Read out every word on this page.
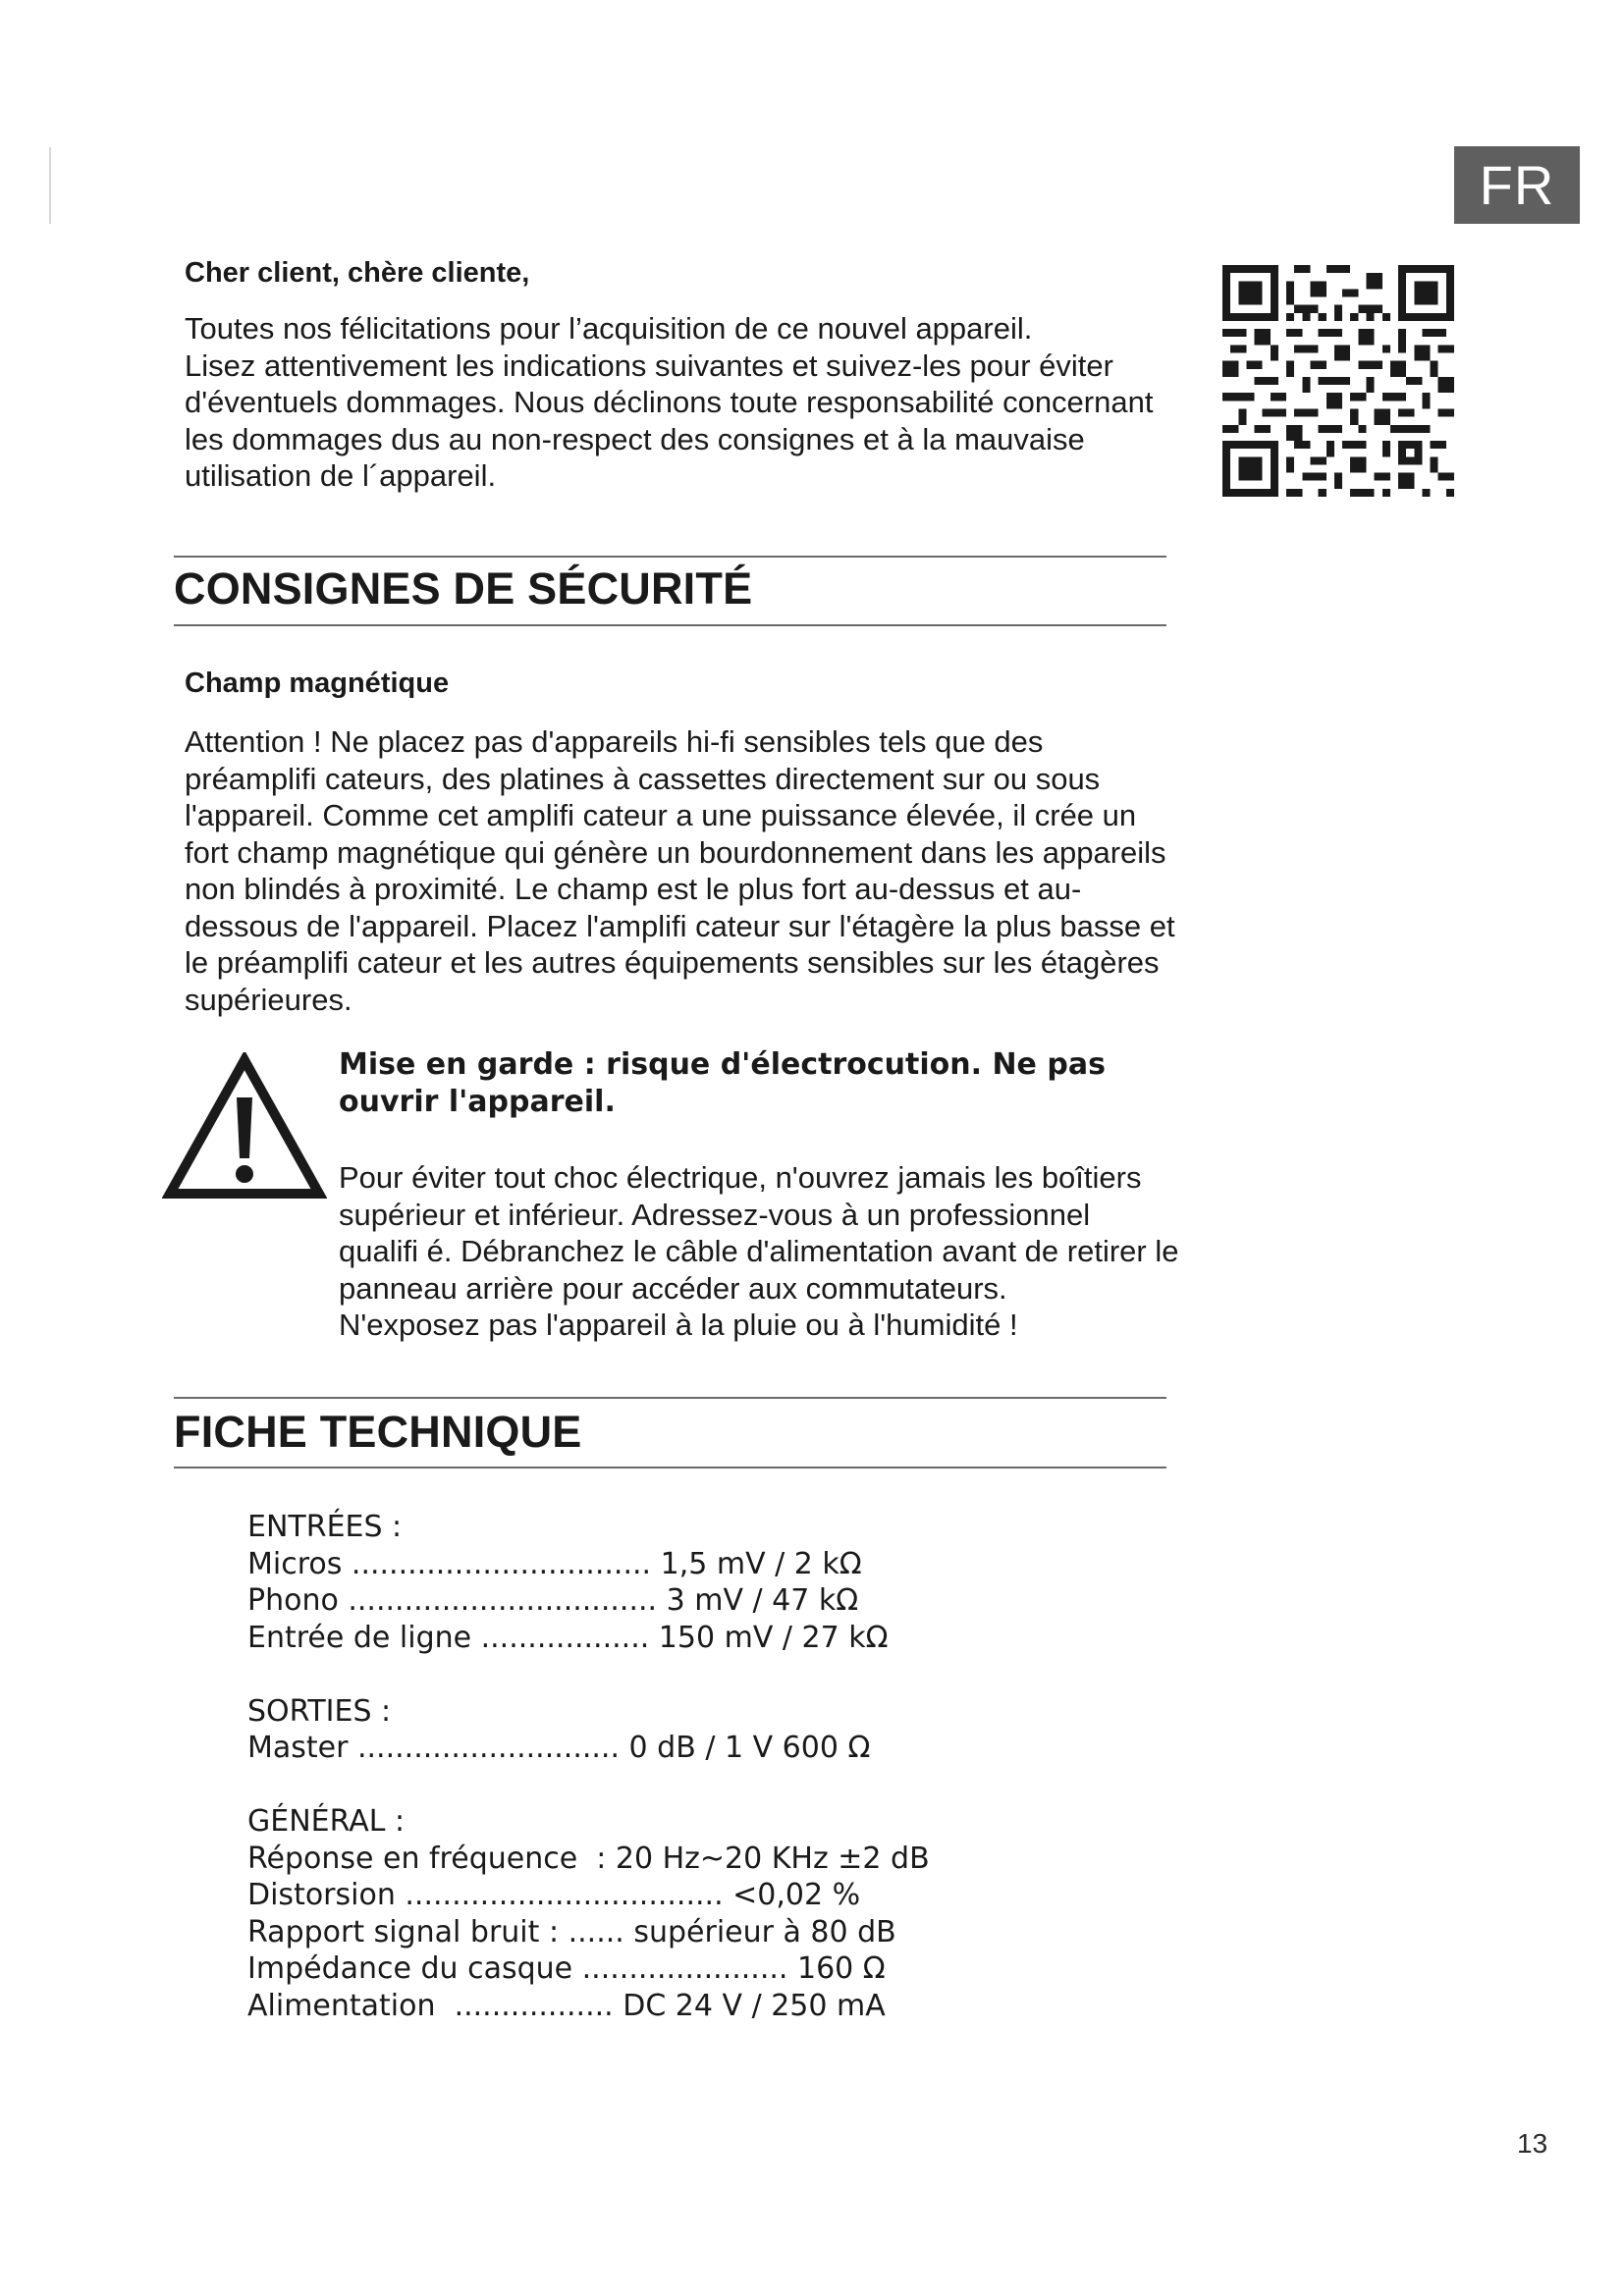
FR
Cher client, chère cliente,
Toutes nos félicitations pour l’acquisition de ce nouvel appareil.
Lisez attentivement les indications suivantes et suivez-les pour éviter
d'éventuels dommages. Nous déclinons toute responsabilité concernant
les dommages dus au non-respect des consignes et à la mauvaise
utilisation de l´appareil.
CONSIGNES DE SÉCURITÉ
Champ magnétique
Attention ! Ne placez pas d'appareils hi-fi sensibles tels que des
préamplifi cateurs, des platines à cassettes directement sur ou sous
l'appareil. Comme cet amplifi cateur a une puissance élevée, il crée un
fort champ magnétique qui génère un bourdonnement dans les appareils
non blindés à proximité. Le champ est le plus fort au-dessus et au-
dessous de l'appareil. Placez l'amplifi cateur sur l'étagère la plus basse et
le préamplifi cateur et les autres équipements sensibles sur les étagères
supérieures.
Mise en garde : risque d'électrocution. Ne pas
ouvrir l'appareil.
Pour éviter tout choc électrique, n'ouvrez jamais les boîtiers
supérieur et inférieur. Adressez-vous à un professionnel
qualifi é. Débranchez le câble d'alimentation avant de retirer le
panneau arrière pour accéder aux commutateurs.
N'exposez pas l'appareil à la pluie ou à l'humidité !
FICHE TECHNIQUE
ENTRÉES :
Micros ................................ 1,5 mV / 2 kΩ
Phono ................................. 3 mV / 47 kΩ
Entrée de ligne .................. 150 mV / 27 kΩ
SORTIES :
Master ............................ 0 dB / 1 V 600 Ω
GÉNÉRAL :
Réponse en fréquence  : 20 Hz~20 KHz ±2 dB
Distorsion .................................. <0,02 %
Rapport signal bruit : ...... supérieur à 80 dB
Impédance du casque ...................... 160 Ω
Alimentation  ................. DC 24 V / 250 mA
13
